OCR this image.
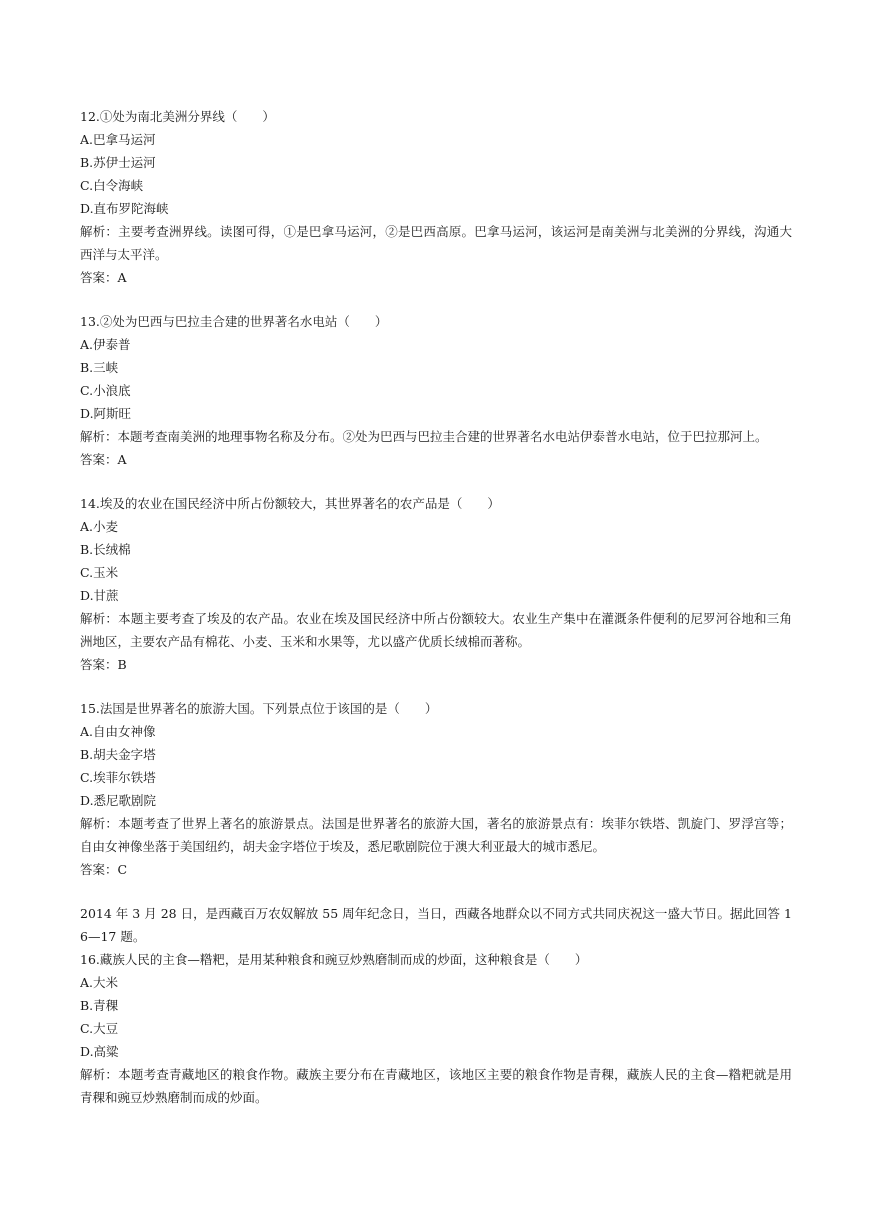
12.①处为南北美洲分界线（　　）
A.巴拿马运河
B.苏伊士运河
C.白令海峡
D.直布罗陀海峡
解析：主要考查洲界线。读图可得，①是巴拿马运河，②是巴西高原。巴拿马运河，该运河是南美洲与北美洲的分界线，沟通大西洋与太平洋。
答案：A
13.②处为巴西与巴拉圭合建的世界著名水电站（　　）
A.伊泰普
B.三峡
C.小浪底
D.阿斯旺
解析：本题考查南美洲的地理事物名称及分布。②处为巴西与巴拉圭合建的世界著名水电站伊泰普水电站，位于巴拉那河上。
答案：A
14.埃及的农业在国民经济中所占份额较大，其世界著名的农产品是（　　）
A.小麦
B.长绒棉
C.玉米
D.甘蔗
解析：本题主要考查了埃及的农产品。农业在埃及国民经济中所占份额较大。农业生产集中在灌溉条件便利的尼罗河谷地和三角洲地区，主要农产品有棉花、小麦、玉米和水果等，尤以盛产优质长绒棉而著称。
答案：B
15.法国是世界著名的旅游大国。下列景点位于该国的是（　　）
A.自由女神像
B.胡夫金字塔
C.埃菲尔铁塔
D.悉尼歌剧院
解析：本题考查了世界上著名的旅游景点。法国是世界著名的旅游大国，著名的旅游景点有：埃菲尔铁塔、凯旋门、罗浮宫等；自由女神像坐落于美国纽约，胡夫金字塔位于埃及，悉尼歌剧院位于澳大利亚最大的城市悉尼。
答案：C
2014 年 3 月 28 日，是西藏百万农奴解放 55 周年纪念日，当日，西藏各地群众以不同方式共同庆祝这一盛大节日。据此回答 16—17 题。
16.藏族人民的主食—糌粑，是用某种粮食和豌豆炒熟磨制而成的炒面，这种粮食是（　　）
A.大米
B.青稞
C.大豆
D.高粱
解析：本题考查青藏地区的粮食作物。藏族主要分布在青藏地区，该地区主要的粮食作物是青稞，藏族人民的主食—糌粑就是用青稞和豌豆炒熟磨制而成的炒面。
